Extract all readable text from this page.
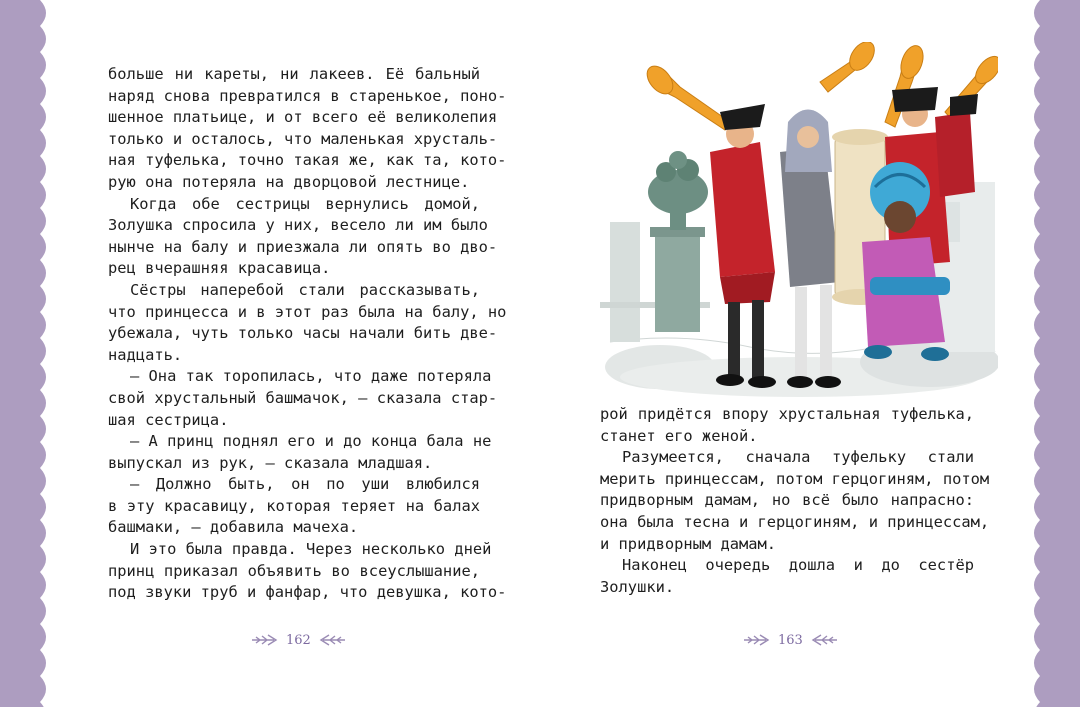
больше ни кареты, ни лакеев. Её бальный
наряд снова превратился в старенькое, поно-
шенное платьице, и от всего её великолепия
только и осталось, что маленькая хрусталь-
ная туфелька, точно такая же, как та, кото-
рую она потеряла на дворцовой лестнице.
Когда обе сестрицы вернулись домой,
Золушка спросила у них, весело ли им было
нынче на балу и приезжала ли опять во дво-
рец вчерашняя красавица.
Сёстры наперебой стали рассказывать,
что принцесса и в этот раз была на балу, но
убежала, чуть только часы начали бить две-
надцать.
— Она так торопилась, что даже потеряла
свой хрустальный башмачок, — сказала стар-
шая сестрица.
— А принц поднял его и до конца бала не
выпускал из рук, — сказала младшая.
— Должно быть, он по уши влюбился
в эту красавицу, которая теряет на балах
башмаки, — добавила мачеха.
И это была правда. Через несколько дней
принц приказал объявить во всеуслышание,
под звуки труб и фанфар, что девушка, кото-
162
рой придётся впору хрустальная туфелька,
станет его женой.
Разумеется, сначала туфельку стали
мерить принцессам, потом герцогиням, потом
придворным дамам, но всё было напрасно:
она была тесна и герцогиням, и принцессам,
и придворным дамам.
Наконец очередь дошла и до сестёр
Золушки.
163
